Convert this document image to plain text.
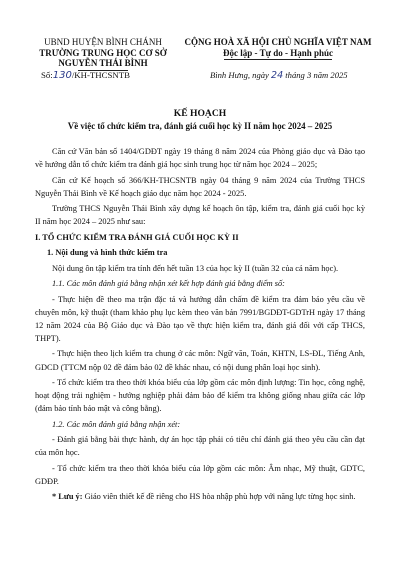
UBND HUYỆN BÌNH CHÁNH
TRƯỜNG TRUNG HỌC CƠ SỞ
NGUYỄN THÁI BÌNH
Số:130/KH-THCSNTB
CỘNG HOÀ XÃ HỘI CHỦ NGHĨA VIỆT NAM
Độc lập - Tự do - Hạnh phúc
Bình Hưng, ngày 24 tháng 3 năm 2025
KẾ HOẠCH
Về việc tổ chức kiểm tra, đánh giá cuối học kỳ II năm học 2024 – 2025

Căn cứ Văn bản số 1404/GDĐT ngày 19 tháng 8 năm 2024 của Phòng giáo dục và Đào tạo về hướng dẫn tổ chức kiểm tra đánh giá học sinh trung học từ năm học 2024 – 2025;

Căn cứ Kế hoạch số 366/KH-THCSNTB ngày 04 tháng 9 năm 2024 của Trường THCS Nguyễn Thái Bình về Kế hoạch giáo dục năm học 2024 - 2025.

Trường THCS Nguyễn Thái Bình xây dựng kế hoạch ôn tập, kiểm tra, đánh giá cuối học kỳ II năm học 2024 – 2025 như sau:

I. TỔ CHỨC KIỂM TRA ĐÁNH GIÁ CUỐI HỌC KỲ II

1. Nội dung và hình thức kiểm tra

Nội dung ôn tập kiểm tra tính đến hết tuần 13 của học kỳ II (tuần 32 của cả năm học).

1.1. Các môn đánh giá bằng nhận xét kết hợp đánh giá bằng điểm số:

- Thực hiện đề theo ma trận đặc tả và hướng dẫn chấm đề kiểm tra đảm bảo yêu cầu về chuyên môn, kỹ thuật (tham khảo phụ lục kèm theo văn bản 7991/BGDĐT-GDTrH ngày 17 tháng 12 năm 2024 của Bộ Giáo dục và Đào tạo về thực hiện kiểm tra, đánh giá đối với cấp THCS, THPT).

- Thực hiện theo lịch kiểm tra chung ở các môn: Ngữ văn, Toán, KHTN, LS-ĐL, Tiếng Anh, GDCD (TTCM nộp 02 đề đảm bảo 02 đề khác nhau, có nội dung phân loại học sinh).

- Tổ chức kiểm tra theo thời khóa biểu của lớp gồm các môn định lượng: Tin học, công nghệ, hoạt động trải nghiệm - hướng nghiệp phải đảm bảo để kiểm tra không giống nhau giữa các lớp (đảm bảo tính bảo mật và công bằng).

1.2. Các môn đánh giá bằng nhận xét:

- Đánh giá bằng bài thực hành, dự án học tập phải có tiêu chí đánh giá theo yêu cầu cần đạt của môn học.

- Tổ chức kiểm tra theo thời khóa biểu của lớp gồm các môn: Âm nhạc, Mỹ thuật, GDTC, GDĐP.

* Lưu ý: Giáo viên thiết kế đề riêng cho HS hòa nhập phù hợp với năng lực từng học sinh.
